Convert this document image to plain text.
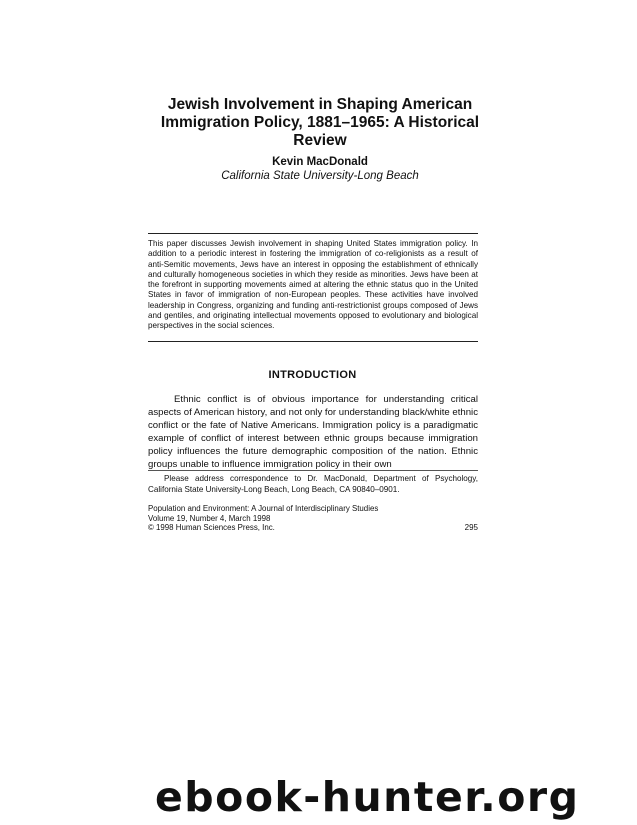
Jewish Involvement in Shaping American Immigration Policy, 1881–1965: A Historical Review
Kevin MacDonald
California State University-Long Beach
This paper discusses Jewish involvement in shaping United States immigration policy. In addition to a periodic interest in fostering the immigration of co-religionists as a result of anti-Semitic movements, Jews have an interest in opposing the establishment of ethnically and culturally homogeneous societies in which they reside as minorities. Jews have been at the forefront in supporting movements aimed at altering the ethnic status quo in the United States in favor of immigration of non-European peoples. These activities have involved leadership in Congress, organizing and funding anti-restrictionist groups composed of Jews and gentiles, and originating intellectual movements opposed to evolutionary and biological perspectives in the social sciences.
INTRODUCTION
Ethnic conflict is of obvious importance for understanding critical aspects of American history, and not only for understanding black/white ethnic conflict or the fate of Native Americans. Immigration policy is a paradigmatic example of conflict of interest between ethnic groups because immigration policy influences the future demographic composition of the nation. Ethnic groups unable to influence immigration policy in their own
Please address correspondence to Dr. MacDonald, Department of Psychology, California State University-Long Beach, Long Beach, CA 90840–0901.
Population and Environment: A Journal of Interdisciplinary Studies
Volume 19, Number 4, March 1998
© 1998 Human Sciences Press, Inc.	295
ebook-hunter.org
